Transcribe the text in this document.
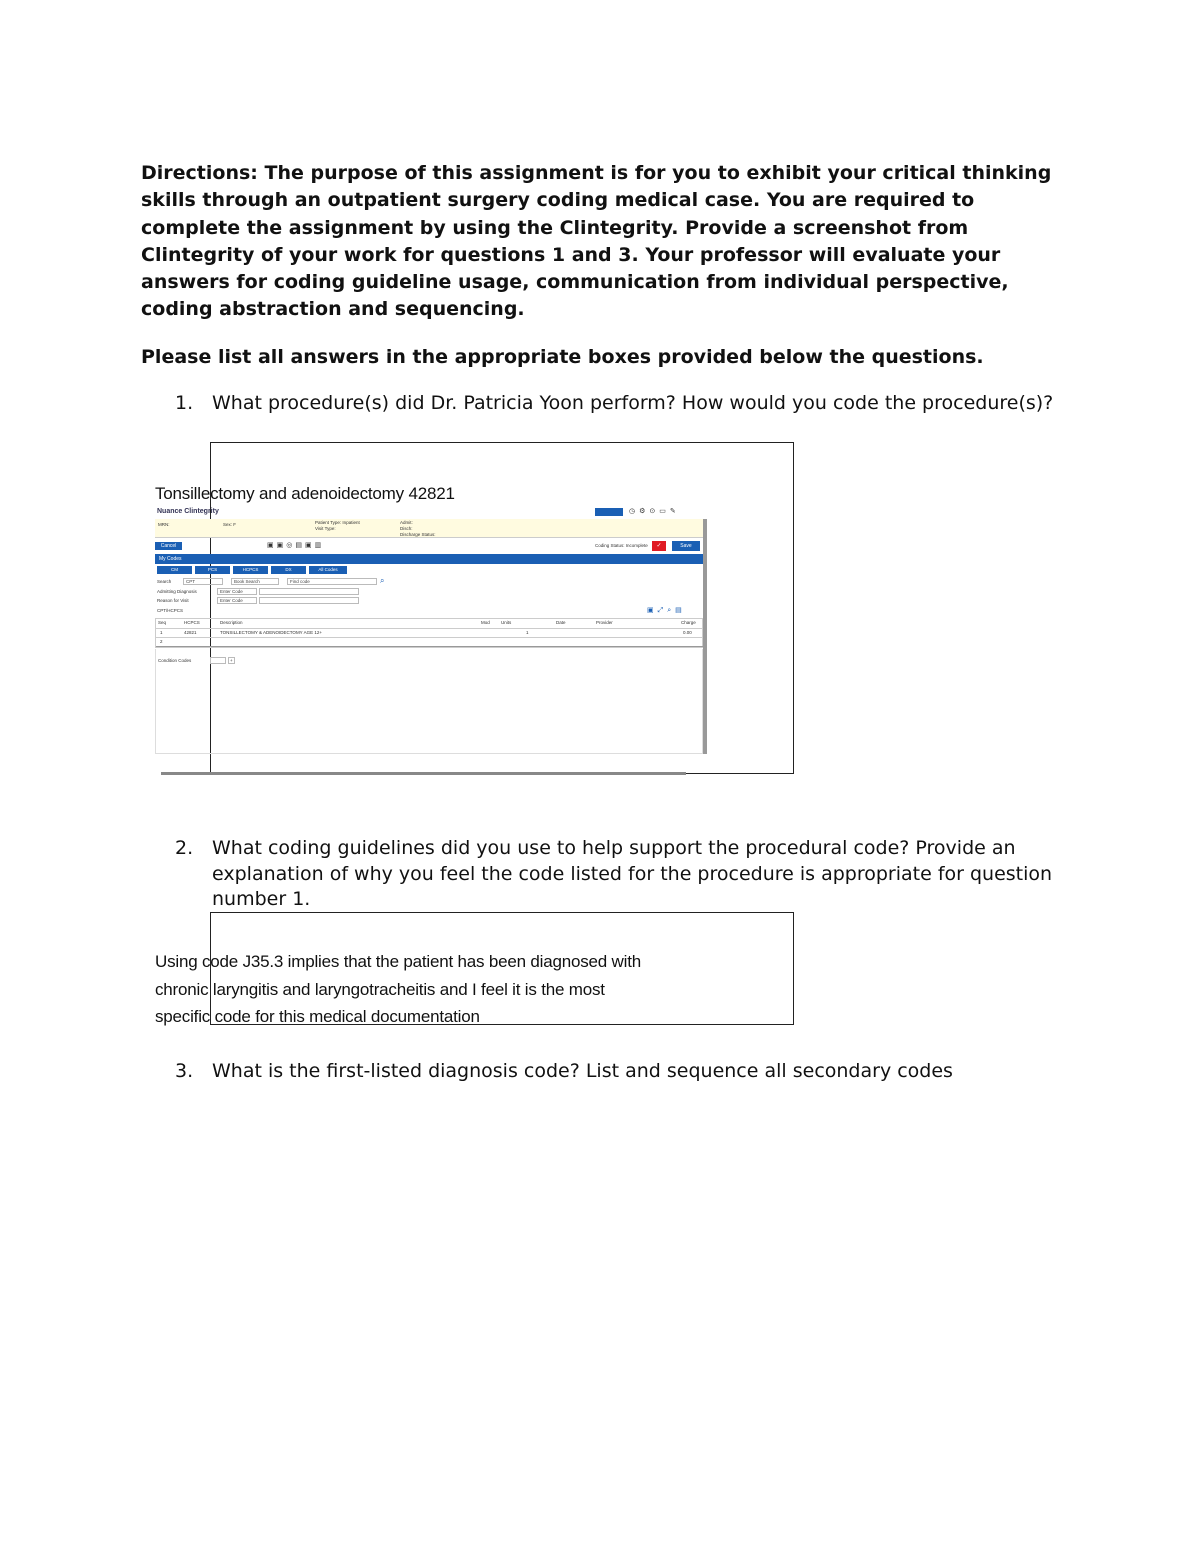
Directions: The purpose of this assignment is for you to exhibit your critical thinking skills through an outpatient surgery coding medical case. You are required to complete the assignment by using the Clintegrity. Provide a screenshot from Clintegrity of your work for questions 1 and 3. Your professor will evaluate your answers for coding guideline usage, communication from individual perspective, coding abstraction and sequencing.
Please list all answers in the appropriate boxes provided below the questions.
1. What procedure(s) did Dr. Patricia Yoon perform? How would you code the procedure(s)?
Tonsillectomy and adenoidectomy 42821
Nuance Clintegrity	◷⚙⊙▭✎
MRN:	Sex: F	Patient Type: Inpatient
Visit Type:
Admit:
Disch:
Discharge Status:
Cancel	▣▣◎▤▣▥	Coding Status: Incomplete	✓	Save
My Codes
CM	PCS	HCPCS	DX	All Codes
Search	CPT	Book Search	Find code	⌕
Admitting Diagnosis	Enter Code
Reason for Visit	Enter Code
CPT/HCPCS	▣⤢⌕▤
Seq	HCPCS	Description	Mod Units	Date	Provider	Charge
1	42821	TONSILLECTOMY & ADENOIDECTOMY AGE 12+	1	0.00
2
Condition Codes	+
2. What coding guidelines did you use to help support the procedural code? Provide an explanation of why you feel the code listed for the procedure is appropriate for question number 1.
Using code J35.3 implies that the patient has been diagnosed with
chronic laryngitis and laryngotracheitis and I feel it is the most
specific code for this medical documentation
3. What is the first-listed diagnosis code? List and sequence all secondary codes
